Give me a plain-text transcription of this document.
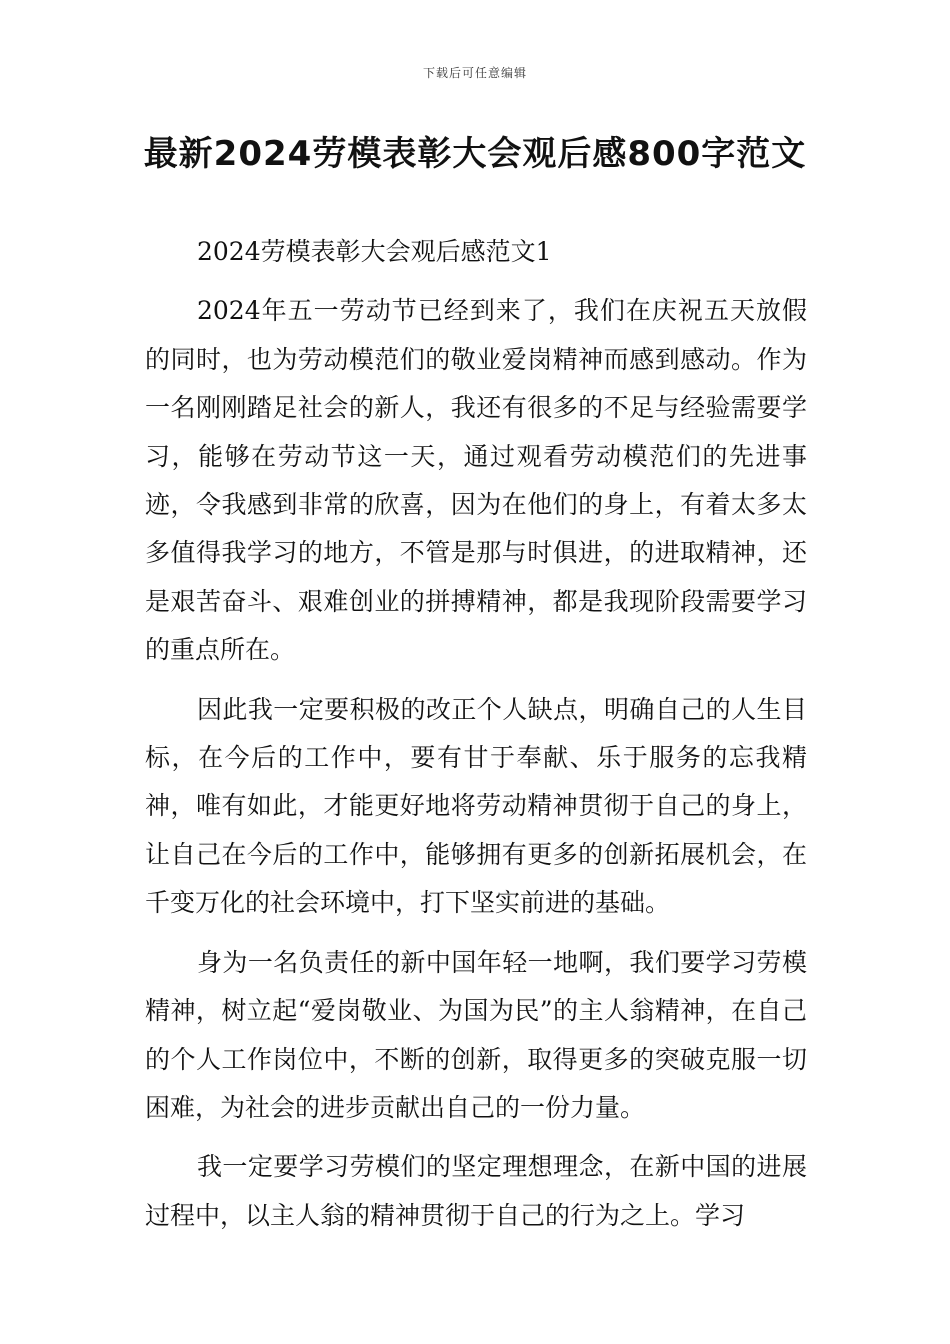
下载后可任意编辑
最新2024劳模表彰大会观后感800字范文

2024劳模表彰大会观后感范文1

2024年五一劳动节已经到来了，我们在庆祝五天放假的同时，也为劳动模范们的敬业爱岗精神而感到感动。作为一名刚刚踏足社会的新人，我还有很多的不足与经验需要学习，能够在劳动节这一天，通过观看劳动模范们的先进事迹，令我感到非常的欣喜，因为在他们的身上，有着太多太多值得我学习的地方，不管是那与时俱进，的进取精神，还是艰苦奋斗、艰难创业的拼搏精神，都是我现阶段需要学习的重点所在。

因此我一定要积极的改正个人缺点，明确自己的人生目标，在今后的工作中，要有甘于奉献、乐于服务的忘我精神，唯有如此，才能更好地将劳动精神贯彻于自己的身上，让自己在今后的工作中，能够拥有更多的创新拓展机会，在千变万化的社会环境中，打下坚实前进的基础。

身为一名负责任的新中国年轻一地啊，我们要学习劳模精神，树立起“爱岗敬业、为国为民”的主人翁精神，在自己的个人工作岗位中，不断的创新，取得更多的突破克服一切困难，为社会的进步贡献出自己的一份力量。

我一定要学习劳模们的坚定理想理念，在新中国的进展过程中，以主人翁的精神贯彻于自己的行为之上。学习
